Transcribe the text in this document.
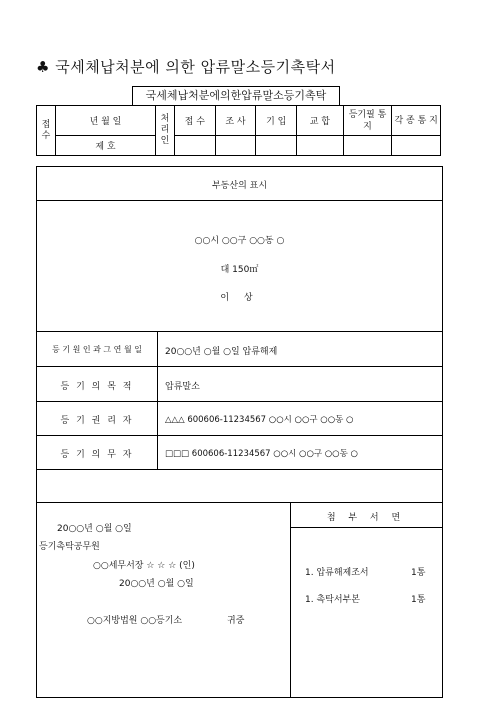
♣ 국세체납처분에 의한 압류말소등기촉탁서
국세체납처분에의한압류말소등기촉탁
접 수	년 월 일	처 리 인	접 수	조 사	기 입	교 합	등기필 통 지	각 종 통 지
	제 호							
부동산의 표시
○○시 ○○구 ○○동 ○
대 150㎡
이 상
등 기 원 인 과 그 연 월 일	20○○년 ○월 ○일 압류해제
등 기 의 목 적	압류말소
등 기 권 리 자	△△△ 600606-11234567 ○○시 ○○구 ○○동 ○
등 기 의 무 자	□□□ 600606-11234567 ○○시 ○○구 ○○동 ○
20○○년 ○월 ○일
등기촉탁공무원
○○세무서장 ☆ ☆ ☆ (인)
20○○년 ○월 ○일
○○지방법원 ○○등기소	귀중
첨 부 서 면
1. 압류해제조서	1통
1. 촉탁서부본	1통
